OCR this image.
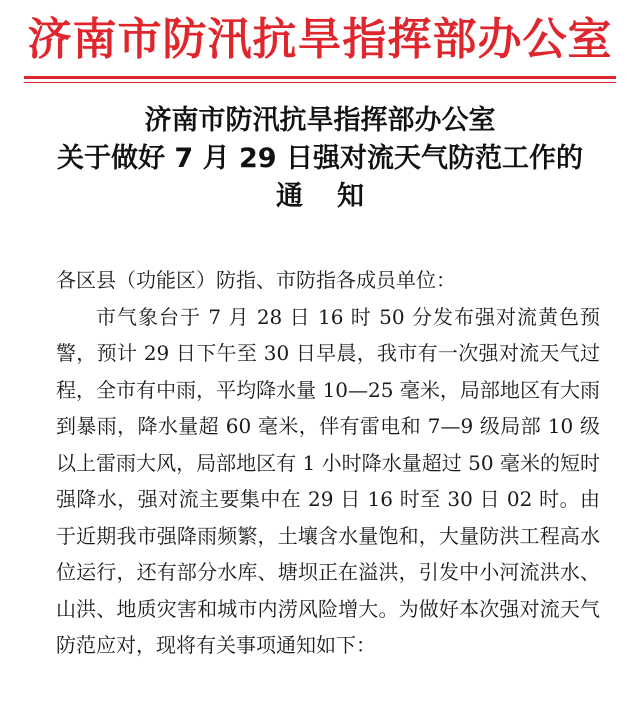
济南市防汛抗旱指挥部办公室
济南市防汛抗旱指挥部办公室
关于做好 7 月 29 日强对流天气防范工作的
通知
各区县（功能区）防指、市防指各成员单位：

市气象台于 7 月 28 日 16 时 50 分发布强对流黄色预警，预计 29 日下午至 30 日早晨，我市有一次强对流天气过程，全市有中雨，平均降水量 10—25 毫米，局部地区有大雨到暴雨，降水量超 60 毫米，伴有雷电和 7—9 级局部 10 级以上雷雨大风，局部地区有 1 小时降水量超过 50 毫米的短时强降水，强对流主要集中在 29 日 16 时至 30 日 02 时。由于近期我市强降雨频繁，土壤含水量饱和，大量防洪工程高水位运行，还有部分水库、塘坝正在溢洪，引发中小河流洪水、山洪、地质灾害和城市内涝风险增大。为做好本次强对流天气防范应对，现将有关事项通知如下：
